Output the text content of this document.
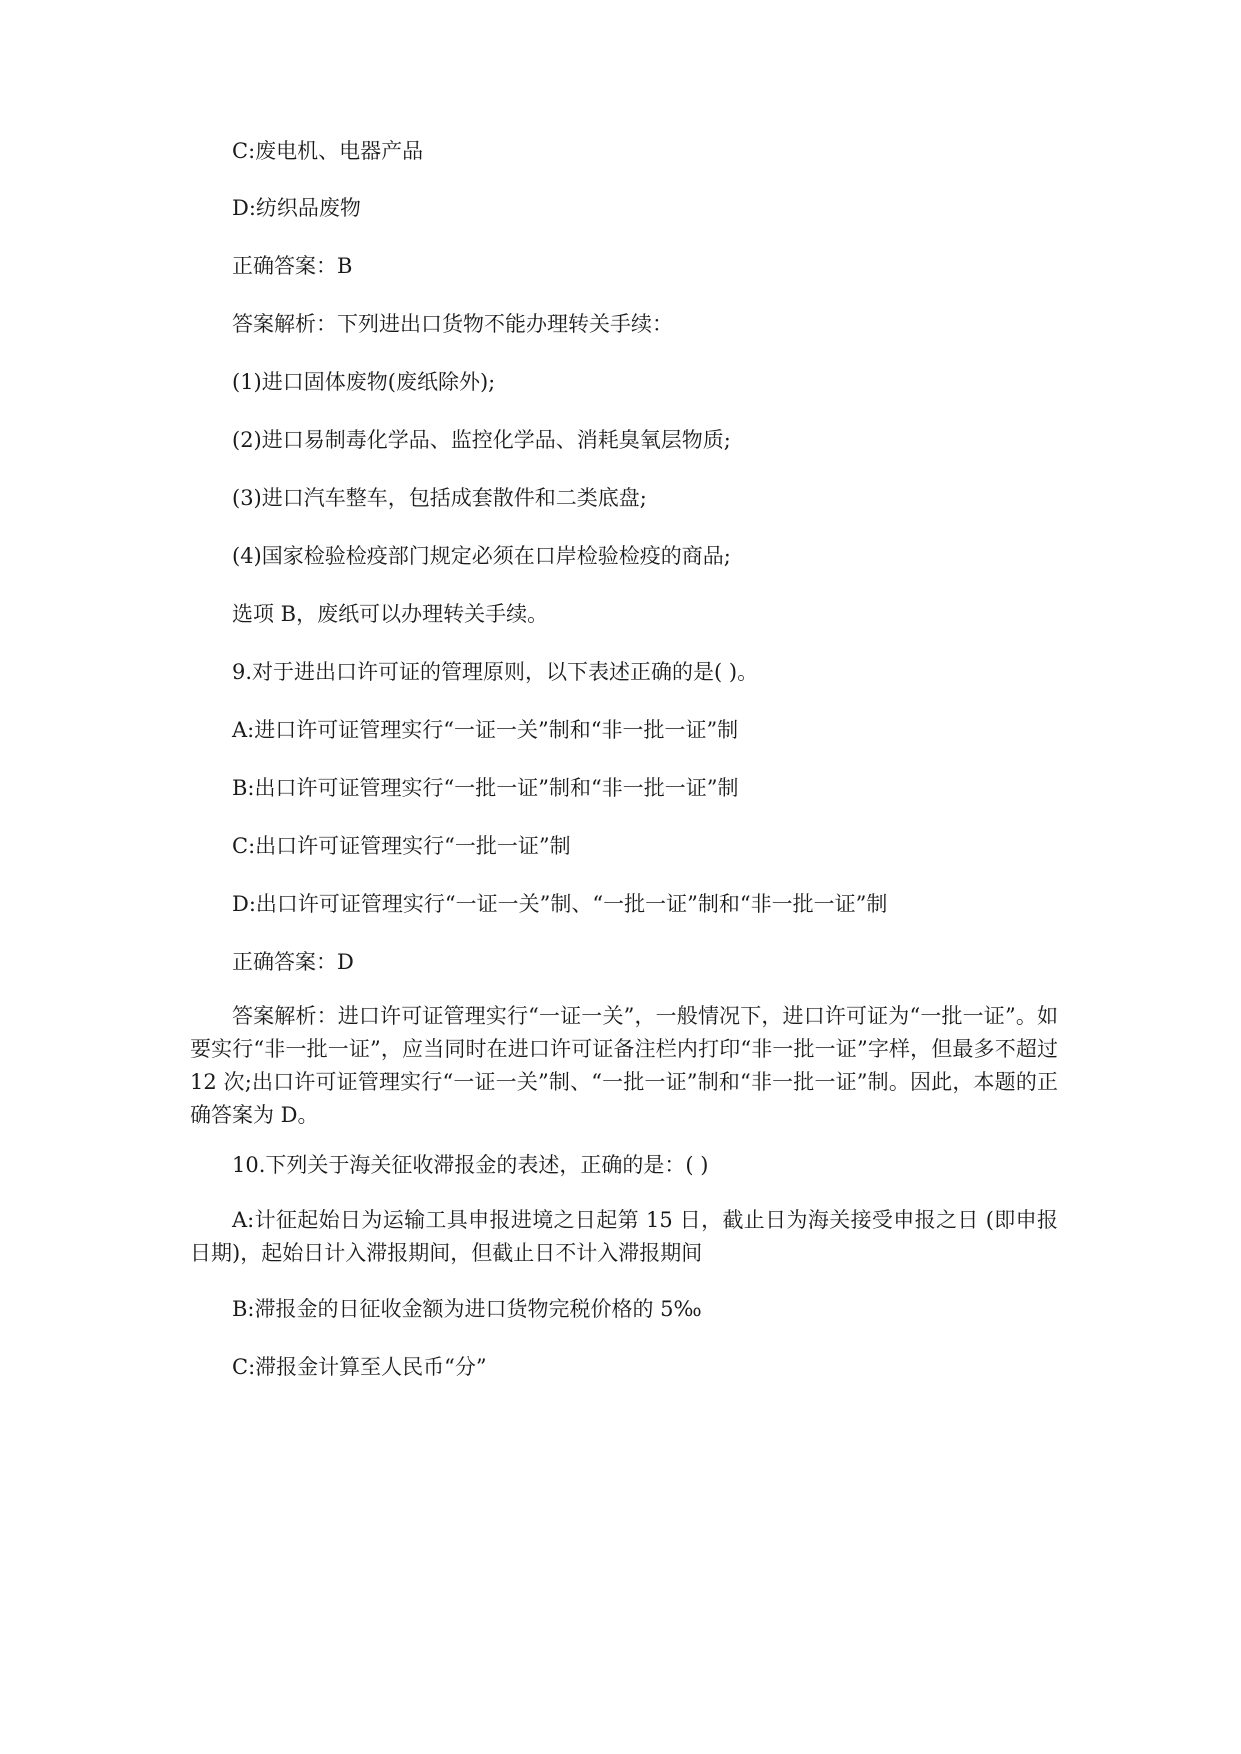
C:废电机、电器产品
D:纺织品废物
正确答案：B
答案解析：下列进出口货物不能办理转关手续：
(1)进口固体废物(废纸除外);
(2)进口易制毒化学品、监控化学品、消耗臭氧层物质;
(3)进口汽车整车，包括成套散件和二类底盘;
(4)国家检验检疫部门规定必须在口岸检验检疫的商品;
选项 B，废纸可以办理转关手续。
9.对于进出口许可证的管理原则，以下表述正确的是( )。
A:进口许可证管理实行“一证一关”制和“非一批一证”制
B:出口许可证管理实行“一批一证”制和“非一批一证”制
C:出口许可证管理实行“一批一证”制
D:出口许可证管理实行“一证一关”制、“一批一证”制和“非一批一证”制
正确答案：D
答案解析：进口许可证管理实行“一证一关”，一般情况下，进口许可证为“一批一证”。如要实行“非一批一证”，应当同时在进口许可证备注栏内打印“非一批一证”字样，但最多不超过 12 次;出口许可证管理实行“一证一关”制、“一批一证”制和“非一批一证”制。因此，本题的正确答案为 D。
10.下列关于海关征收滞报金的表述，正确的是：( )
A:计征起始日为运输工具申报进境之日起第 15 日，截止日为海关接受申报之日 (即申报日期)，起始日计入滞报期间，但截止日不计入滞报期间
B:滞报金的日征收金额为进口货物完税价格的 5‰
C:滞报金计算至人民币“分”
